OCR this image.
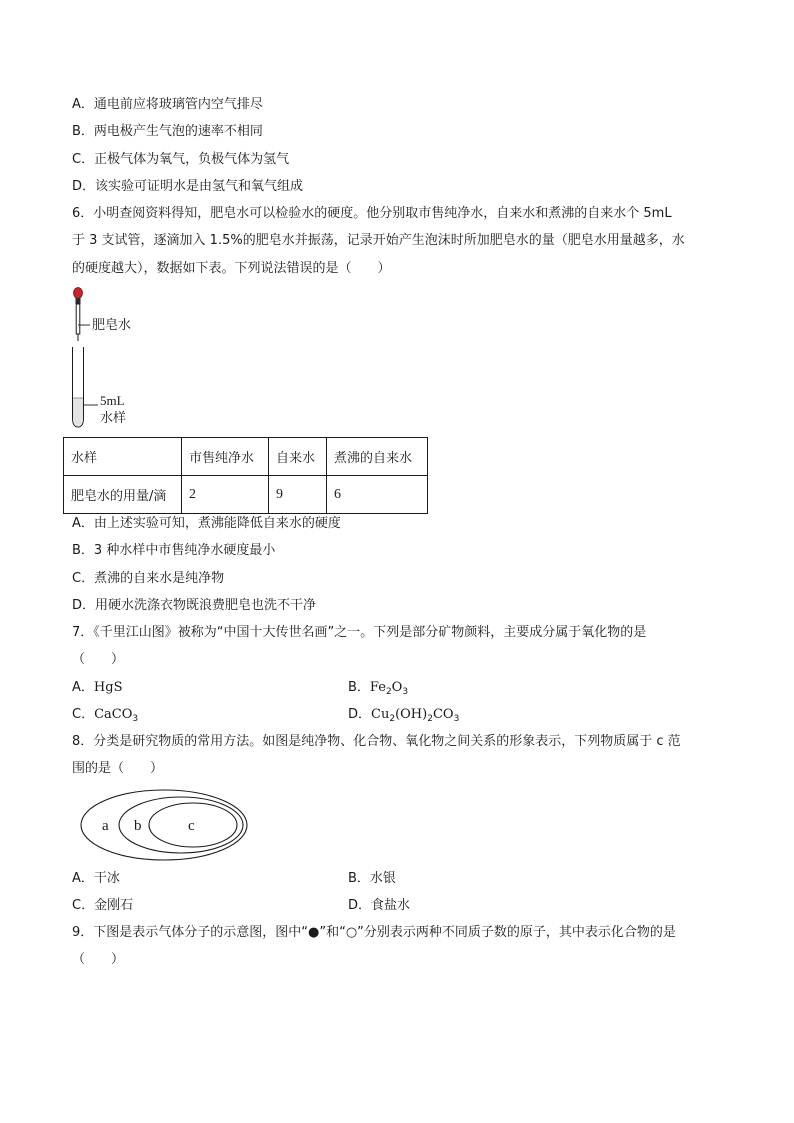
A．通电前应将玻璃管内空气排尽
B．两电极产生气泡的速率不相同
C．正极气体为氧气，负极气体为氢气
D．该实验可证明水是由氢气和氧气组成
6．小明查阅资料得知，肥皂水可以检验水的硬度。他分别取市售纯净水，自来水和煮沸的自来水个 5mL
于 3 支试管，逐滴加入 1.5%的肥皂水并振荡，记录开始产生泡沫时所加肥皂水的量（肥皂水用量越多，水
的硬度越大），数据如下表。下列说法错误的是（　　）
肥皂水
5mL
水样
水样	市售纯净水	自来水	煮沸的自来水
肥皂水的用量/滴	2	9	6
A．由上述实验可知，煮沸能降低自来水的硬度
B．3 种水样中市售纯净水硬度最小
C．煮沸的自来水是纯净物
D．用硬水洗涤衣物既浪费肥皂也洗不干净
7．《千里江山图》被称为“中国十大传世名画”之一。下列是部分矿物颜料，主要成分属于氧化物的是
（　　）
A．HgS	B．$Fe_2O_3$
C．CaCO$_3$	D．$Cu_2(OH)_2CO_3$
8．分类是研究物质的常用方法。如图是纯净物、化合物、氧化物之间关系的形象表示，下列物质属于 c 范
围的是（　　）
a b	c
A．干冰	B．水银
C．金刚石	D．食盐水
9．下图是表示气体分子的示意图，图中“●”和“○”分别表示两种不同质子数的原子，其中表示化合物的是
（　　）
